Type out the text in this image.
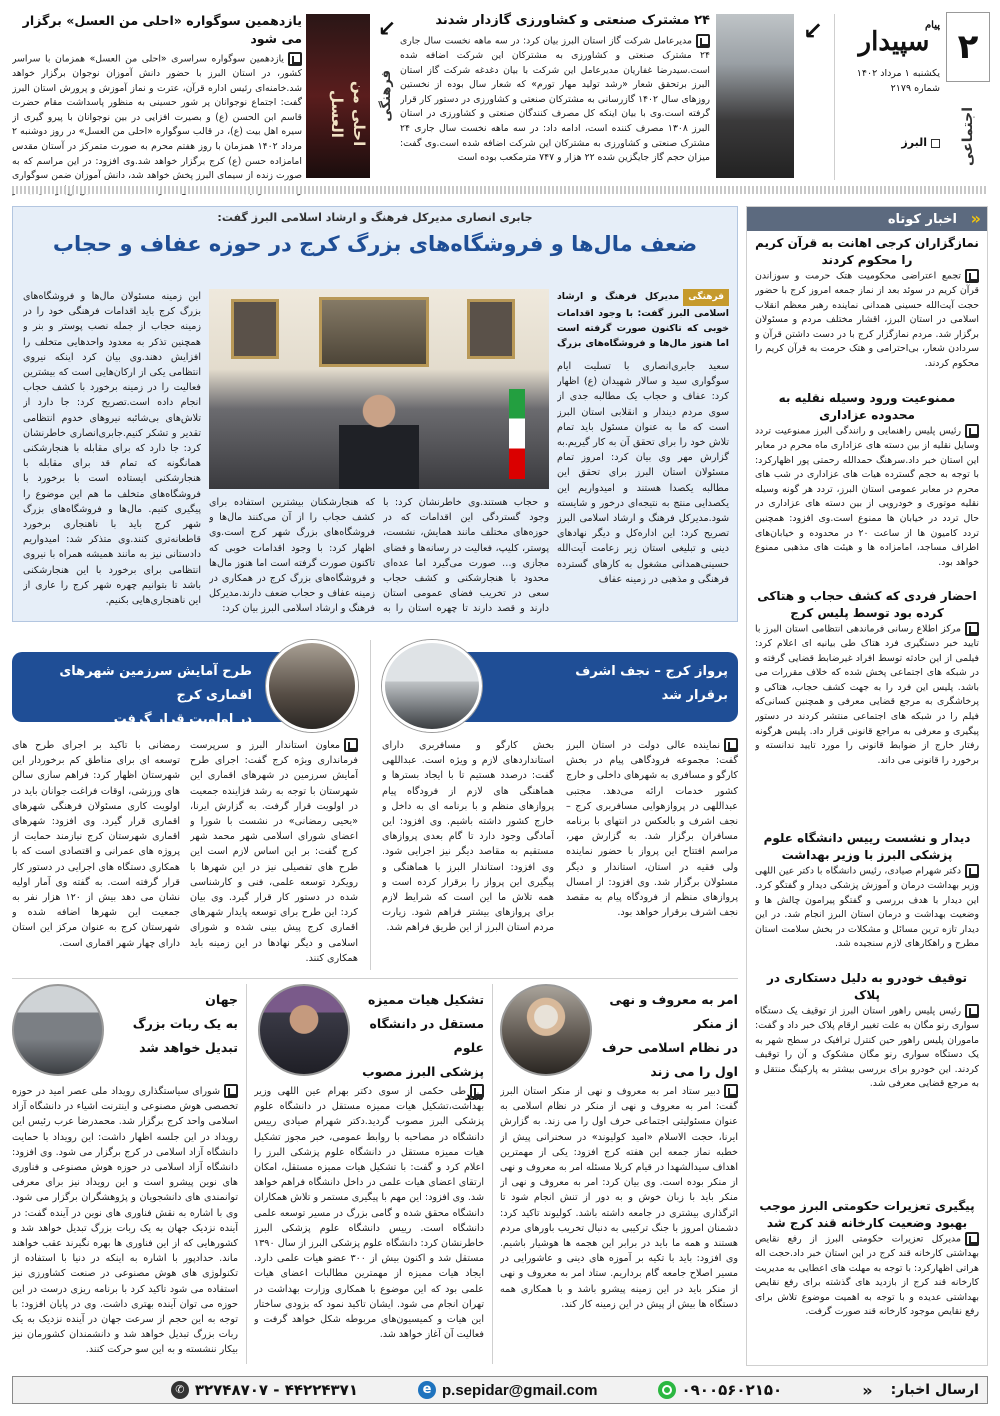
۲
پیام
سپیدار
یکشنبه ۱ مرداد ۱۴۰۲
شماره ۲۱۷۹
اجتماعی
البرز
↙
۲۴ مشترک صنعتی و کشاورزی گازدار شدند
مدیرعامل شرکت گاز استان البرز بیان کرد: در سه ماهه نخست سال جاری ۲۴ مشترک صنعتی و کشاورزی به مشترکان این شرکت اضافه شده است.سیدرضا غفاریان مدیرعامل این شرکت با بیان دغدغه شرکت گاز استان البرز برتحقق شعار «رشد تولید مهار تورم» که شعار سال بوده از نخستین روزهای سال ۱۴۰۲ گازرسانی به مشترکان صنعتی و کشاورزی در دستور کار قرار گرفته است.وی با بیان اینکه کل مصرف کنندگان صنعتی و کشاورزی در استان البرز ۱۳۰۸ مصرف کننده است، ادامه داد: در سه ماهه نخست سال جاری ۲۴ مشترک صنعتی و کشاورزی به مشترکان این شرکت اضافه شده‌ است.وی گفت: میزان حجم گاز جایگزین شده ۲۲ هزار و ۷۴۷ مترمکعب بوده است
احلی من العسل	فرهنگی
↙
یازدهمین سوگواره «احلی من العسل» برگزار می شود
یازدهمین سوگواره سراسری «احلی من العسل» همزمان با سراسر کشور، در استان البرز با حضور دانش آموزان نوجوان برگزار خواهد شد.خامنه‌ای رئیس اداره قرآن، عترت و نماز آموزش و پرورش استان البرز گفت: اجتماع نوجوانان پر شور حسینی به منظور پاسداشت مقام حضرت قاسم ابن الحسن (ع) و بصیرت افزایی در بین نوجوانان با پیرو گیری از سیره اهل بیت (ع)، در قالب سوگواره «احلی من العسل» در روز دوشنبه ۲ مرداد ۱۴۰۲ همزمان با روز هفتم محرم به صورت متمرکز در آستان مقدس امامزاده حسن (ع) کرج برگزار خواهد شد.وی افزود: در این مراسم که به صورت زنده از سیمای البرز پخش خواهد شد، دانش آموزان ضمن سوگواری
«
اخبار کوتاه
نمازگزاران کرجی اهانت به قرآن کریم را محکوم کردند
تجمع اعتراضی محکومیت هتک حرمت و سوزاندن قرآن کریم در سوئد بعد از نماز جمعه امروز کرج با حضور حجت آیت‌الله حسینی همدانی نماینده رهبر معظم انقلاب اسلامی در استان البرز، اقشار مختلف مردم و مسئولان برگزار شد. مردم نمازگزار کرج با در دست داشتن قرآن و سردادن شعار، بی‌احترامی و هتک حرمت به قرآن کریم را محکوم کردند.
ممنوعیت ورود وسیله نقلیه به محدوده عزاداری
رئیس پلیس راهنمایی و رانندگی البرز ممنوعیت تردد وسایل نقلیه از بین دسته های عزاداری ماه محرم در معابر این استان خبر داد.سرهنگ حمدالله رحمتی پور اظهارکرد: با توجه به حجم گسترده هیات های عزاداری در شب های محرم در معابر عمومی استان البرز، تردد هر گونه وسیله نقلیه موتوری و خودرویی از بین دسته های عزاداری در حال تردد در خیابان ها ممنوع است.وی افزود: همچنین تردد کامیون ها از ساعت ۲۰ در محدوده و خیابان‌های اطراف مساجد، امامزاده ها و هیئت های مذهبی ممنوع خواهد بود.
احضار فردی که کشف حجاب و هتاکی کرده بود توسط پلیس کرج
مرکز اطلاع رسانی فرماندهی انتظامی استان البرز با تایید خبر دستگیری فرد هتاک طی بیانیه ای اعلام کرد: فیلمی از این حادثه توسط افراد غیرضابط قضایی گرفته و در شبکه های اجتماعی پخش شده که خلاف مقررات می باشد. پلیس این فرد را به جهت کشف حجاب، هتاکی و پرخاشگری به مرجع قضایی معرفی و همچنین کسانی‌که فیلم را در شبکه های اجتماعی منتشر کردند در دستور پیگیری و معرفی به مراجع قانونی قرار داد. پلیس هرگونه رفتار خارج از ضوابط قانونی را مورد تایید ندانسته و برخورد را قانونی می داند.
دیدار و نشست رییس دانشگاه علوم پزشکی البرز با وزیر بهداشت
دکتر شهرام صیادی، رئیس دانشگاه با دکتر عین اللهی وزیر بهداشت درمان و آموزش پزشکی دیدار و گفتگو کرد. این دیدار با هدف بررسی و گفتگو پیرامون چالش ها و وضعیت بهداشت و درمان استان البرز انجام شد. در این دیدار تازه ترین مسائل و مشکلات در بخش سلامت استان مطرح و راهکارهای لازم سنجیده شد.
توقیف خودرو به دلیل دستکاری در پلاک
رئیس پلیس راهور استان البرز از توقیف یک دستگاه سواری رنو مگان به علت تغییر ارقام پلاک خبر داد و گفت: ماموران پلیس راهور حین کنترل ترافیک در سطح شهر به یک دستگاه سواری رنو مگان مشکوک و آن را توقیف کردند. این خودرو برای بررسی بیشتر به پارکینگ منتقل و به مرجع قضایی معرفی شد.
پیگیری تعزیرات حکومتی البرز موجب بهبود وضعیت کارخانه قند کرج شد
مدیرکل تعزیرات حکومتی البرز از رفع نقایص بهداشتی کارخانه قند کرج در این استان خبر داد.حجت اله هراتی اظهارکرد: با توجه به مهلت های اعطایی به مدیریت کارخانه قند کرج از بازدید های گذشته برای رفع نقایص بهداشتی عدیده و با توجه به اهمیت موضوع تلاش برای رفع نقایص موجود کارخانه قند صورت گرفت.
جابری انصاری مدیرکل فرهنگ و ارشاد اسلامی البرز گفت:
ضعف مال‌ها و فروشگاه‌های بزرگ کرج در حوزه عفاف و حجاب
فرهنگیمدیرکل فرهنگ و ارشاد اسلامی البرز گفت: با وجود اقدامات خوبی که تاکنون صورت گرفته است اما هنوز مال‌ها و فروشگاه‌های بزرگ
سعید جابری‌انصاری با تسلیت ایام سوگواری سید و سالار شهیدان (ع) اظهار کرد: عفاف و حجاب یک مطالبه جدی از سوی مردم دیندار و انقلابی استان البرز است که ما به عنوان مسئول باید تمام تلاش خود را برای تحقق آن به کار گیریم.به گزارش مهر وی بیان کرد: امروز تمام مسئولان استان البرز برای تحقق این مطالبه یکصدا هستند و امیدواریم این یکصدایی منتج به نتیجه‌ای درخور و شایسته شود.مدیرکل فرهنگ و ارشاد اسلامی البرز تصریح کرد: این اداره‌کل و دیگر نهادهای دینی و تبلیغی استان زیر زعامت آیت‌الله حسینی‌همدانی مشغول به کارهای گسترده فرهنگی و مذهبی در زمینه عفاف
و حجاب هستند.وی خاطرنشان کرد: با وجود گستردگی این اقدامات که در حوزه‌های مختلف مانند همایش، نشست، پوستر، کلیپ، فعالیت در رسانه‌ها و فضای مجازی و… صورت می‌گیرد اما عده‌ای محدود با هنجارشکنی و کشف حجاب سعی در تخریب فضای عمومی استان دارند و قصد دارند تا چهره استان را به
که هنجارشکنان بیشترین استفاده برای کشف حجاب را از آن می‌کنند مال‌ها و فروشگاه‌های بزرگ شهر کرج است.وی اظهار کرد: با وجود اقدامات خوبی که تاکنون صورت گرفته است اما هنوز مال‌ها و فروشگاه‌های بزرگ کرج در همکاری در زمینه عفاف و حجاب ضعف دارند.مدیرکل فرهنگ و ارشاد اسلامی البرز بیان کرد:
این زمینه مسئولان مال‌ها و فروشگاه‌های بزرگ کرج باید اقدامات فرهنگی خود را در زمینه حجاب از جمله نصب پوستر و بنر و همچنین تذکر به معدود واحدهایی متخلف را افزایش دهند.وی بیان کرد اینکه نیروی انتظامی یکی از ارکان‌هایی است که بیشترین فعالیت را در زمینه برخورد با کشف حجاب انجام داده است.تصریح کرد: جا دارد از تلاش‌های بی‌شائبه نیروهای خدوم انتظامی تقدیر و تشکر کنیم.جابری‌انصاری خاطرنشان کرد: جا دارد که برای مقابله با هنجارشکنی همانگونه که تمام قد برای مقابله با هنجارشکنی ایستاده است با برخورد با فروشگاه‌های متخلف ما هم این موضوع را پیگیری کنیم. مال‌ها و فروشگاه‌های بزرگ شهر کرج باید با ناهنجاری برخورد قاطعانه‌تری کنند.وی متذکر شد: امیدواریم دادستانی نیز به مانند همیشه همراه با نیروی انتظامی برای برخورد با این هنجارشکنی باشد تا بتوانیم چهره شهر کرج را عاری از این ناهنجاری‌هایی بکنیم.
طرح آمایش سرزمین شهرهای اقماری کرج
در اولویت قرار گرفت
معاون استاندار البرز و سرپرست فرمانداری ویژه کرج گفت: اجرای طرح آمایش سرزمین در شهرهای اقماری این شهرستان با توجه به رشد فزاینده جمعیت در اولویت قرار گرفت. به گزارش ایرنا، «یحیی رمضانی» در نشست با شورا و اعضای شورای اسلامی شهر محمد شهر کرج گفت: بر این اساس لازم است این طرح های تفصیلی نیز در این شهرها با رویکرد توسعه علمی، فنی و کارشناسی شده در دستور کار قرار گیرد. وی بیان کرد: این طرح برای توسعه پایدار شهرهای اقماری کرج پیش بینی شده و شورای اسلامی و دیگر نهادها در این زمینه باید همکاری کنند.
رمضانی با تاکید بر اجرای طرح های توسعه ای برای مناطق کم برخوردار این شهرستان اظهار کرد: فراهم سازی سالن های ورزشی، اوقات فراغت جوانان باید در اولویت کاری مسئولان فرهنگی شهرهای اقماری قرار گیرد. وی افزود: شهرهای اقماری شهرستان کرج نیازمند حمایت از پروژه های عمرانی و اقتصادی است که با همکاری دستگاه های اجرایی در دستور کار قرار گرفته است. به گفته وی آمار اولیه نشان می دهد بیش از ۱۲۰ هزار نفر به جمعیت این شهرها اضافه شده و شهرستان کرج به عنوان مرکز این استان دارای چهار شهر اقماری است.
پرواز کرج – نجف اشرف
برقرار شد
نماینده عالی دولت در استان البرز گفت: مجموعه فرودگاهی پیام در بخش کارگو و مسافری به شهرهای داخلی و خارج کشور خدمات ارائه می‌دهد. مجتبی عبداللهی در پروازهوایی مسافربری کرج – نجف اشرف و بالعکس در انتهای با برنامه مسافران برگزار شد. به گزارش مهر، مراسم افتتاح این پرواز با حضور نماینده ولی فقیه در استان، استاندار و دیگر مسئولان برگزار شد. وی افزود: از امسال پروازهای منظم از فرودگاه پیام به مقصد نجف اشرف برقرار خواهد بود.
بخش کارگو و مسافربری دارای استانداردهای لازم و ویژه است. عبداللهی گفت: درصدد هستیم تا با ایجاد بسترها و هماهنگی های لازم از فرودگاه پیام پروازهای منظم و با برنامه ای به داخل و خارج کشور داشته باشیم. وی افزود: این آمادگی وجود دارد تا گام بعدی پروازهای مستقیم به مقاصد دیگر نیز اجرایی شود. وی افزود: استاندار البرز با هماهنگی و پیگیری این پرواز را برقرار کرده است و همه تلاش ما این است که شرایط لازم برای پروازهای بیشتر فراهم شود. زیارت مردم استان البرز از این طریق فراهم شد.
امر به معروف و نهی از منکر
در نظام اسلامی حرف
اول را می زند
دبیر ستاد امر به معروف و نهی از منکر استان البرز گفت: امر به معروف و نهی از منکر در نظام اسلامی به عنوان مسئولیتی اجتماعی حرف اول را می زند. به گزارش ایرنا، حجت الاسلام «امید کولیوند» در سخنرانی پیش از خطبه نماز جمعه این هفته کرج افزود: یکی از مهمترین اهداف سیدالشهدا در قیام کربلا مسئله امر به معروف و نهی از منکر بوده است. وی بیان کرد: امر به معروف و نهی از منکر باید با زبان خوش و به دور از تنش انجام شود تا اثرگذاری بیشتری در جامعه داشته باشد. کولیوند تاکید کرد: دشمنان امروز با جنگ ترکیبی به دنبال تخریب باورهای مردم هستند و همه ما باید در برابر این هجمه ها هوشیار باشیم. وی افزود: باید با تکیه بر آموزه های دینی و عاشورایی در مسیر اصلاح جامعه گام برداریم. ستاد امر به معروف و نهی از منکر باید در این زمینه پیشرو باشد و با همکاری همه دستگاه ها بیش از پیش در این زمینه کار کند.
تشکیل هیات ممیزه
مستقل در دانشگاه علوم
پزشکی البرز مصوب شد
طی حکمی از سوی دکتر بهرام عین اللهی وزیر بهداشت،تشکیل هیات ممیزه مستقل در دانشگاه علوم پزشکی البرز مصوب گردید.دکتر شهرام صیادی رییس دانشگاه در مصاحبه با روابط عمومی، خبر مجوز تشکیل هیات ممیزه مستقل در دانشگاه علوم پزشکی البرز را اعلام کرد و گفت: با تشکیل هیات ممیزه مستقل، امکان ارتقای اعضای هیات علمی در داخل دانشگاه فراهم خواهد شد. وی افزود: این مهم با پیگیری مستمر و تلاش همکاران دانشگاه محقق شده و گامی بزرگ در مسیر توسعه علمی دانشگاه است. رییس دانشگاه علوم پزشکی البرز خاطرنشان کرد: دانشگاه علوم پزشکی البرز از سال ۱۳۹۰ مستقل شد و اکنون بیش از ۳۰۰ عضو هیات علمی دارد. ایجاد هیات ممیزه از مهمترین مطالبات اعضای هیات علمی بود که این موضوع با همکاری وزارت بهداشت در تهران انجام می شود. ایشان تاکید نمود که بزودی ساختار این هیات و کمیسیون‌های مربوطه شکل خواهد گرفت و فعالیت آن آغاز خواهد شد.
جهان
به یک ربات بزرگ
تبدیل خواهد شد
شورای سیاستگذاری رویداد ملی عصر امید در حوزه تخصصی هوش مصنوعی و اینترنت اشیاء در دانشگاه آزاد اسلامی واحد کرج برگزار شد. محمدرضا عرب رئیس این رویداد در این جلسه اظهار داشت: این رویداد با حمایت دانشگاه آزاد اسلامی در کرج برگزار می شود. وی افزود: دانشگاه آزاد اسلامی در حوزه هوش مصنوعی و فناوری های نوین پیشرو است و این رویداد نیز برای معرفی توانمندی های دانشجویان و پژوهشگران برگزار می شود. وی با اشاره به نقش فناوری های نوین در آینده گفت: در آینده نزدیک جهان به یک ربات بزرگ تبدیل خواهد شد و کشورهایی که از این فناوری ها بهره نگیرند عقب خواهند ماند. حدادپور با اشاره به اینکه در دنیا با استفاده از تکنولوژی های هوش مصنوعی در صنعت کشاورزی نیز استفاده می شود تاکید کرد با برنامه ریزی درست در این حوزه می توان آینده بهتری داشت. وی در پایان افزود: با توجه به این حجم از سرعت جهان در آینده نزدیک به یک ربات بزرگ تبدیل خواهد شد و دانشمندان کشورمان نیز بیکار ننشسته و به این سو حرکت کنند.
ارسال اخبار:
«
۰۹۰۰۵۶۰۲۱۵۰
p.sepidar@gmail.com
e
۳۲۷۴۸۷۰۷ - ۴۴۲۲۴۳۷۱
✆
